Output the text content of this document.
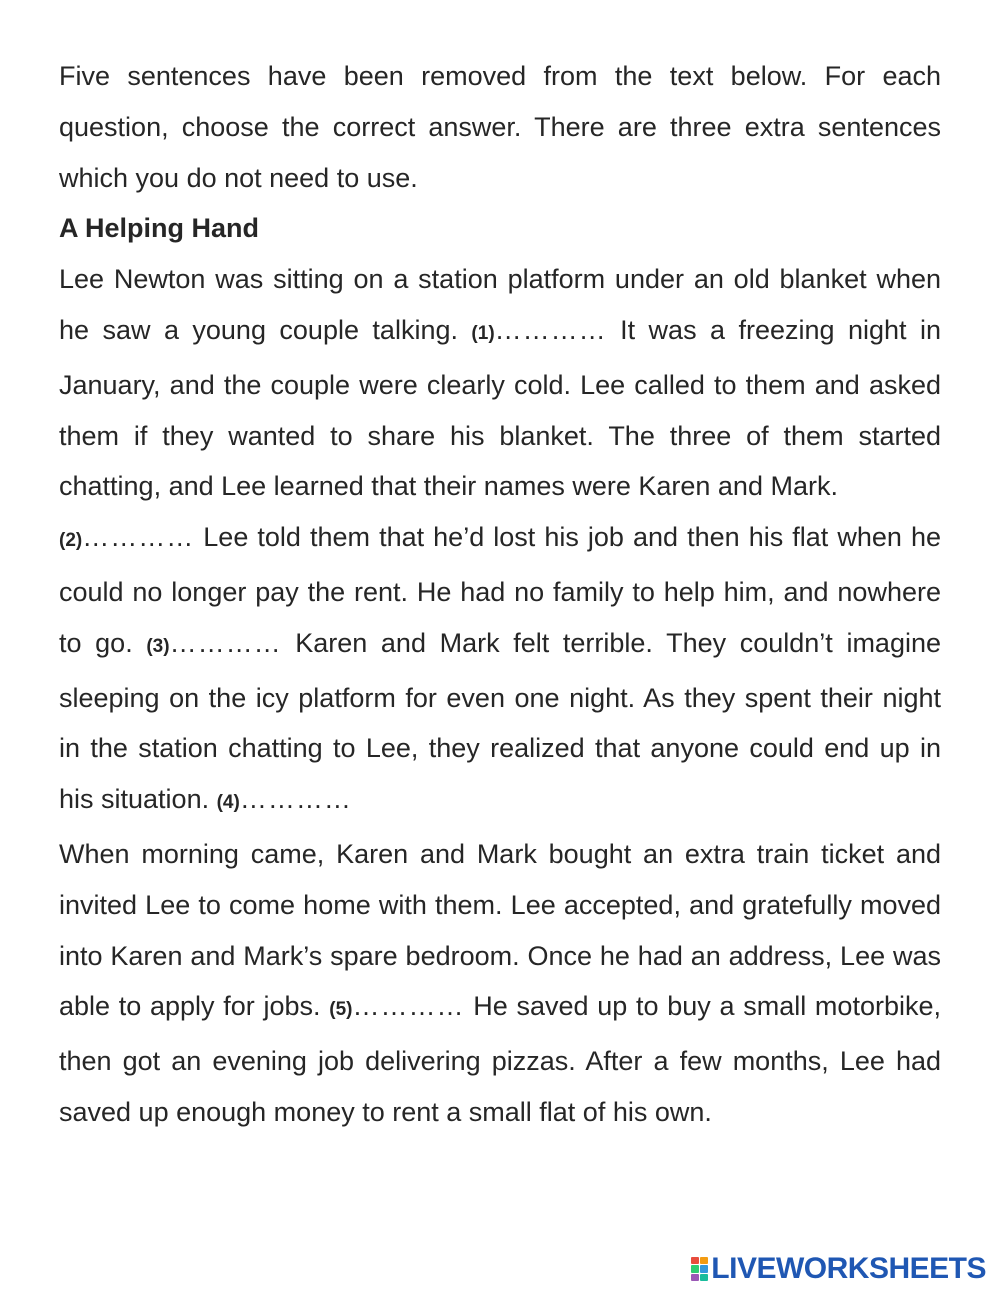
Five sentences have been removed from the text below. For each question, choose the correct answer. There are three extra sentences which you do not need to use.

A Helping Hand

Lee Newton was sitting on a station platform under an old blanket when he saw a young couple talking. (1)………… It was a freezing night in January, and the couple were clearly cold. Lee called to them and asked them if they wanted to share his blanket. The three of them started chatting, and Lee learned that their names were Karen and Mark.

(2)………… Lee told them that he’d lost his job and then his flat when he could no longer pay the rent. He had no family to help him, and nowhere to go. (3)………… Karen and Mark felt terrible. They couldn’t imagine sleeping on the icy platform for even one night. As they spent their night in the station chatting to Lee, they realized that anyone could end up in his situation. (4)…………

When morning came, Karen and Mark bought an extra train ticket and invited Lee to come home with them. Lee accepted, and gratefully moved into Karen and Mark’s spare bedroom. Once he had an address, Lee was able to apply for jobs. (5)………… He saved up to buy a small motorbike, then got an evening job delivering pizzas. After a few months, Lee had saved up enough money to rent a small flat of his own.

LIVEWORKSHEETS
